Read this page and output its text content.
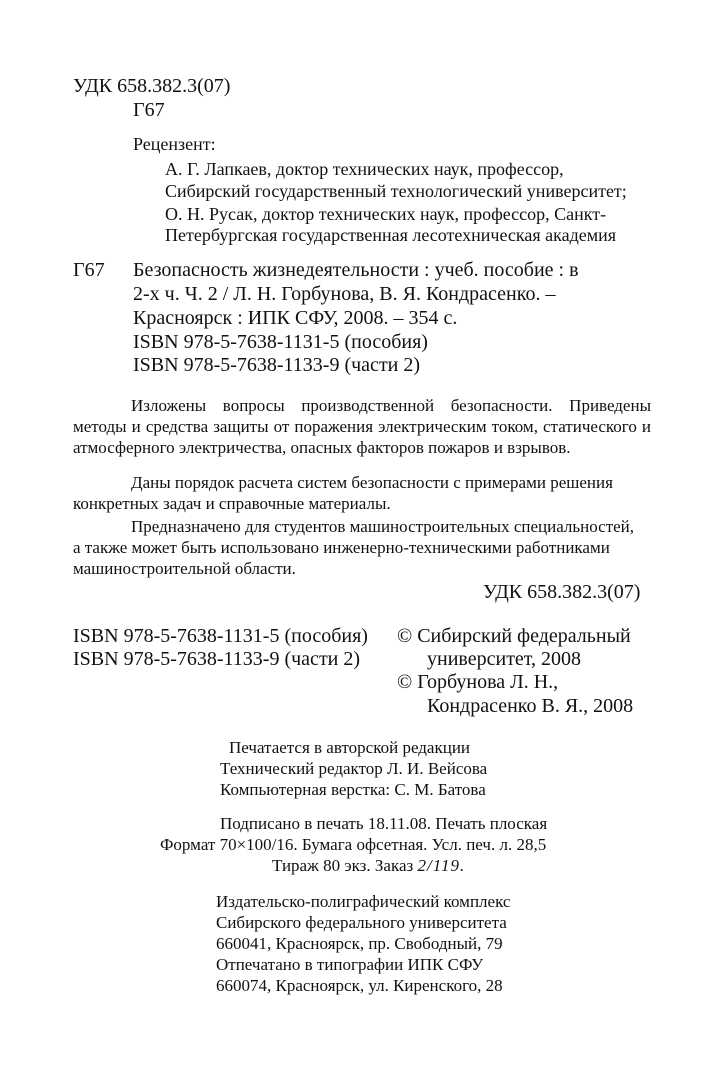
УДК 658.382.3(07)
Г67
Рецензент:
А. Г. Лапкаев, доктор технических наук, профессор,
Сибирский государственный технологический университет;
О. Н. Русак, доктор технических наук, профессор, Санкт-
Петербургская государственная лесотехническая академия
Г67 Безопасность жизнедеятельности : учеб. пособие : в
2-х ч. Ч. 2 / Л. Н. Горбунова, В. Я. Кондрасенко. –
Красноярск : ИПК СФУ, 2008. – 354 с.
ISBN 978-5-7638-1131-5 (пособия)
ISBN 978-5-7638-1133-9 (части 2)
Изложены вопросы производственной безопасности. Приведены методы и средства защиты от поражения электрическим током, статического и атмосферного электричества, опасных факторов пожаров и взрывов.
Даны порядок расчета систем безопасности с примерами решения
конкретных задач и справочные материалы.
Предназначено для студентов машиностроительных специальностей,
а также может быть использовано инженерно-техническими работниками
машиностроительной области.
УДК 658.382.3(07)
ISBN 978-5-7638-1131-5 (пособия)
ISBN 978-5-7638-1133-9 (части 2)
© Сибирский федеральный
университет, 2008
© Горбунова Л. Н.,
Кондрасенко В. Я., 2008
Печатается в авторской редакции
Технический редактор Л. И. Вейсова
Компьютерная верстка: С. М. Батова
Подписано в печать 18.11.08. Печать плоская
Формат 70×100/16. Бумага офсетная. Усл. печ. л. 28,5
Тираж 80 экз. Заказ 2/119.
Издательско-полиграфический комплекс
Сибирского федерального университета
660041, Красноярск, пр. Свободный, 79
Отпечатано в типографии ИПК СФУ
660074, Красноярск, ул. Киренского, 28
